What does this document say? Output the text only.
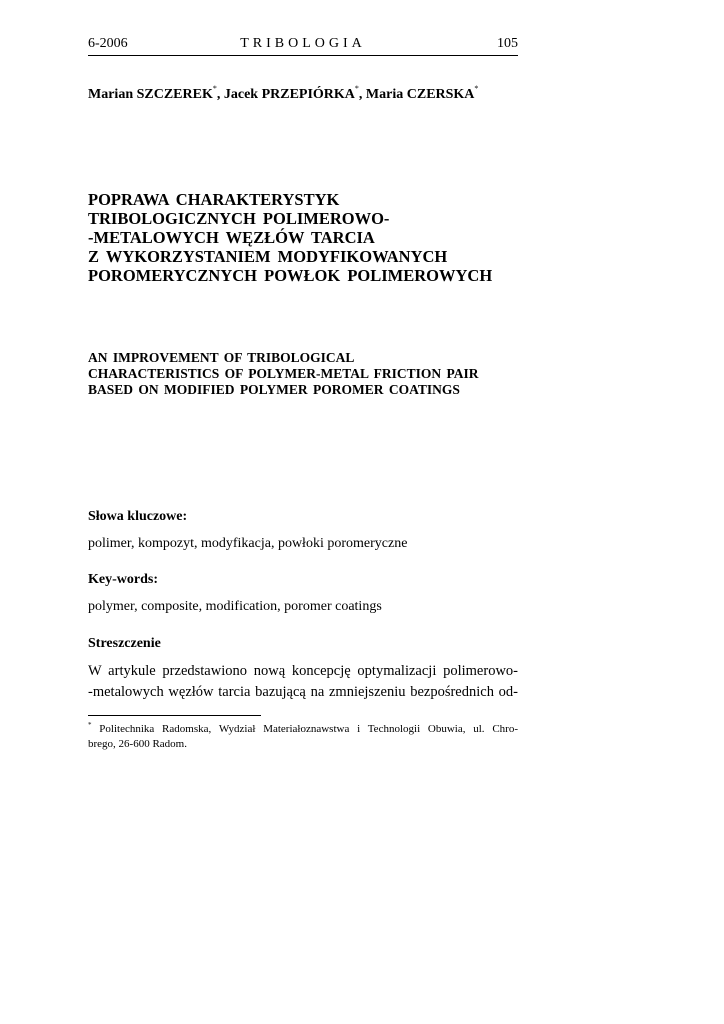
6-2006	TRIBOLOGIA	105
Marian SZCZEREK*, Jacek PRZEPIÓRKA*, Maria CZERSKA*
POPRAWA CHARAKTERYSTYK
TRIBOLOGICZNYCH POLIMEROWO-
-METALOWYCH WĘZŁÓW TARCIA
Z WYKORZYSTANIEM MODYFIKOWANYCH
POROMERYCZNYCH POWŁOK POLIMEROWYCH
AN IMPROVEMENT OF TRIBOLOGICAL
CHARACTERISTICS OF POLYMER-METAL FRICTION PAIR
BASED ON MODIFIED POLYMER POROMER COATINGS
Słowa kluczowe:
polimer, kompozyt, modyfikacja, powłoki poromeryczne
Key-words:
polymer, composite, modification, poromer coatings
Streszczenie
W artykule przedstawiono nową koncepcję optymalizacji polimerowo-
-metalowych węzłów tarcia bazującą na zmniejszeniu bezpośrednich od-
* Politechnika Radomska, Wydział Materiałoznawstwa i Technologii Obuwia, ul. Chro-
brego, 26-600 Radom.
